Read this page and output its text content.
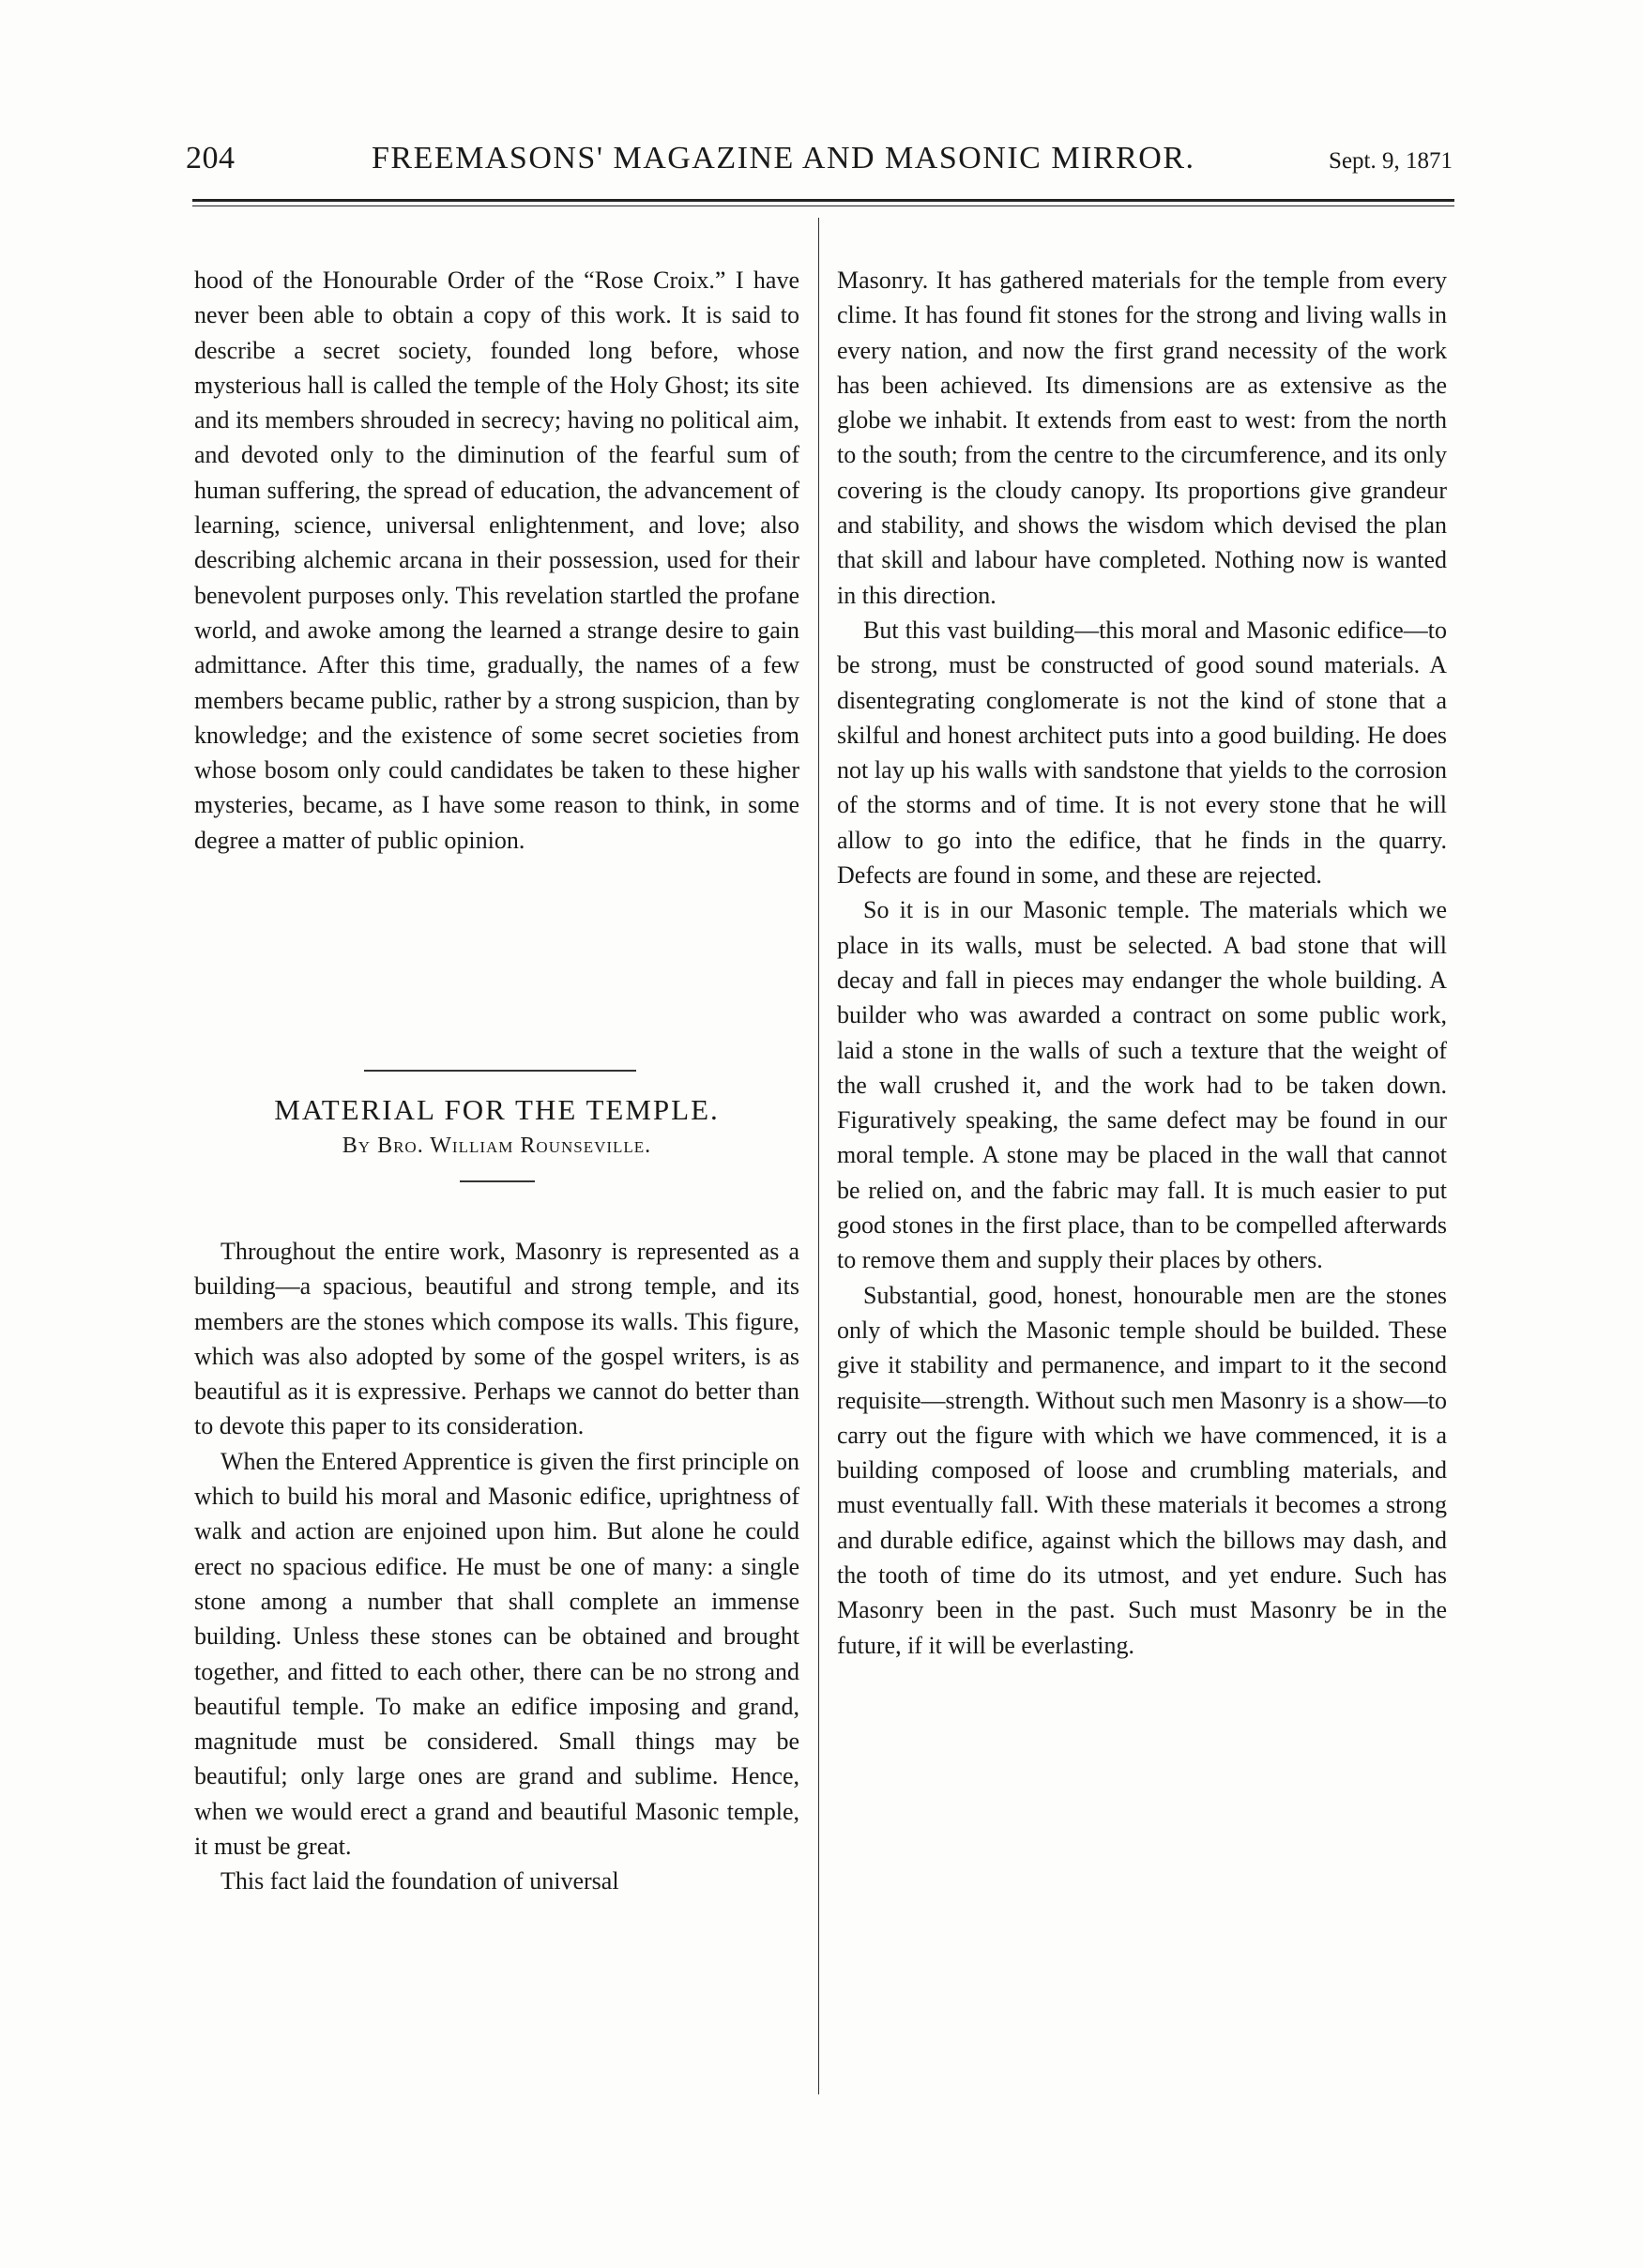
204	FREEMASONS' MAGAZINE AND MASONIC MIRROR.	Sept. 9, 1871

hood of the Honourable Order of the “Rose Croix.” I have never been able to obtain a copy of this work. It is said to describe a secret society, founded long before, whose mysterious hall is called the temple of the Holy Ghost; its site and its members shrouded in secrecy; having no political aim, and devoted only to the diminution of the fearful sum of human suffering, the spread of education, the advancement of learning, science, universal enlightenment, and love; also describing alchemic arcana in their possession, used for their benevolent purposes only. This revelation startled the profane world, and awoke among the learned a strange desire to gain admittance. After this time, gradually, the names of a few members became public, rather by a strong suspicion, than by knowledge; and the existence of some secret societies from whose bosom only could candidates be taken to these higher mysteries, became, as I have some reason to think, in some degree a matter of public opinion.

MATERIAL FOR THE TEMPLE.
By Bro. William Rounseville.

Throughout the entire work, Masonry is represented as a building—a spacious, beautiful and strong temple, and its members are the stones which compose its walls. This figure, which was also adopted by some of the gospel writers, is as beautiful as it is expressive. Perhaps we cannot do better than to devote this paper to its consideration.

When the Entered Apprentice is given the first principle on which to build his moral and Masonic edifice, uprightness of walk and action are enjoined upon him. But alone he could erect no spacious edifice. He must be one of many: a single stone among a number that shall complete an immense building. Unless these stones can be obtained and brought together, and fitted to each other, there can be no strong and beautiful temple. To make an edifice imposing and grand, magnitude must be considered. Small things may be beautiful; only large ones are grand and sublime. Hence, when we would erect a grand and beautiful Masonic temple, it must be great.

This fact laid the foundation of universal

Masonry. It has gathered materials for the temple from every clime. It has found fit stones for the strong and living walls in every nation, and now the first grand necessity of the work has been achieved. Its dimensions are as extensive as the globe we inhabit. It extends from east to west: from the north to the south; from the centre to the circumference, and its only covering is the cloudy canopy. Its proportions give grandeur and stability, and shows the wisdom which devised the plan that skill and labour have completed. Nothing now is wanted in this direction.

But this vast building—this moral and Masonic edifice—to be strong, must be constructed of good sound materials. A disentegrating conglomerate is not the kind of stone that a skilful and honest architect puts into a good building. He does not lay up his walls with sandstone that yields to the corrosion of the storms and of time. It is not every stone that he will allow to go into the edifice, that he finds in the quarry. Defects are found in some, and these are rejected.

So it is in our Masonic temple. The materials which we place in its walls, must be selected. A bad stone that will decay and fall in pieces may endanger the whole building. A builder who was awarded a contract on some public work, laid a stone in the walls of such a texture that the weight of the wall crushed it, and the work had to be taken down. Figuratively speaking, the same defect may be found in our moral temple. A stone may be placed in the wall that cannot be relied on, and the fabric may fall. It is much easier to put good stones in the first place, than to be compelled afterwards to remove them and supply their places by others.

Substantial, good, honest, honourable men are the stones only of which the Masonic temple should be builded. These give it stability and permanence, and impart to it the second requisite—strength. Without such men Masonry is a show—to carry out the figure with which we have commenced, it is a building composed of loose and crumbling materials, and must eventually fall. With these materials it becomes a strong and durable edifice, against which the billows may dash, and the tooth of time do its utmost, and yet endure. Such has Masonry been in the past. Such must Masonry be in the future, if it will be everlasting.
